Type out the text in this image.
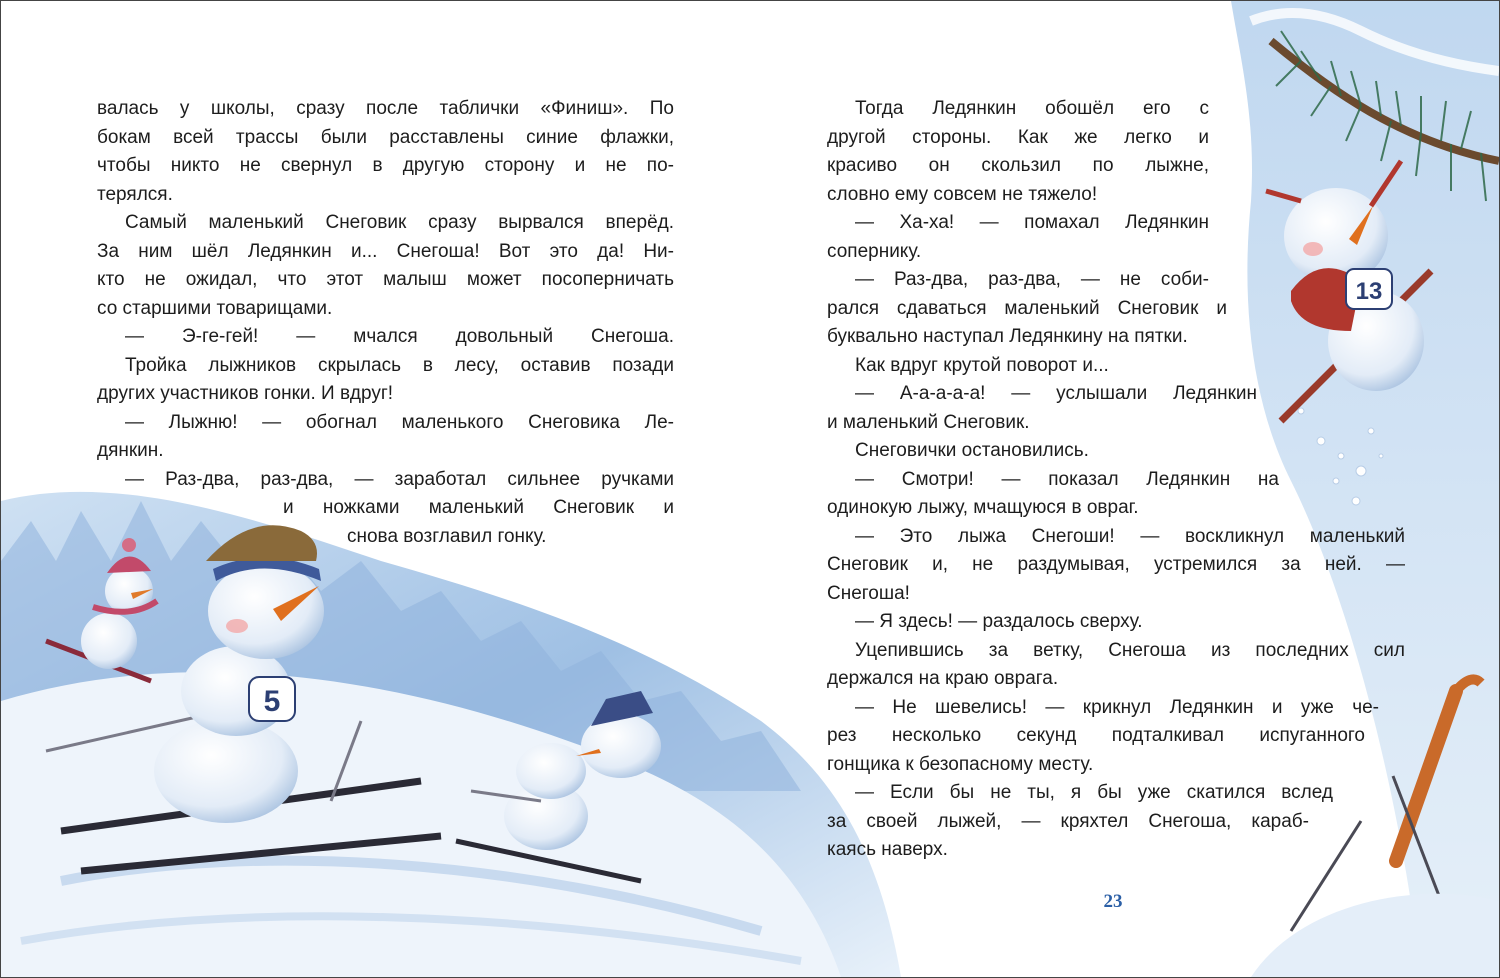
5
13
валась у школы, сразу после таблички «Финиш». По
бокам всей трассы были расставлены синие флажки,
чтобы никто не свернул в другую сторону и не по-
терялся.
Самый маленький Снеговик сразу вырвался вперёд.
За ним шёл Ледянкин и... Снегоша! Вот это да! Ни-
кто не ожидал, что этот малыш может посоперничать
со старшими товарищами.
— Э-ге-гей! — мчался довольный Снегоша.
Тройка лыжников скрылась в лесу, оставив позади
других участников гонки. И вдруг!
— Лыжню! — обогнал маленького Снеговика Ле-
дянкин.
— Раз-два, раз-два, — заработал сильнее ручками
и ножками маленький Снеговик и
снова возглавил гонку.
Тогда Ледянкин обошёл его с
другой стороны. Как же легко и
красиво он скользил по лыжне,
словно ему совсем не тяжело!
— Ха-ха! — помахал Ледянкин
сопернику.
— Раз-два, раз-два, — не соби-
рался сдаваться маленький Снеговик и
буквально наступал Ледянкину на пятки.
Как вдруг крутой поворот и...
— А-а-а-а-а! — услышали Ледянкин
и маленький Снеговик.
Снеговички остановились.
— Смотри! — показал Ледянкин на
одинокую лыжу, мчащуюся в овраг.
— Это лыжа Снегоши! — воскликнул маленький
Снеговик и, не раздумывая, устремился за ней. —
Снегоша!
— Я здесь! — раздалось сверху.
Уцепившись за ветку, Снегоша из последних сил
держался на краю оврага.
— Не шевелись! — крикнул Ледянкин и уже че-
рез несколько секунд подталкивал испуганного
гонщика к безопасному месту.
— Если бы не ты, я бы уже скатился вслед
за своей лыжей, — кряхтел Снегоша, караб-
каясь наверх.
23
